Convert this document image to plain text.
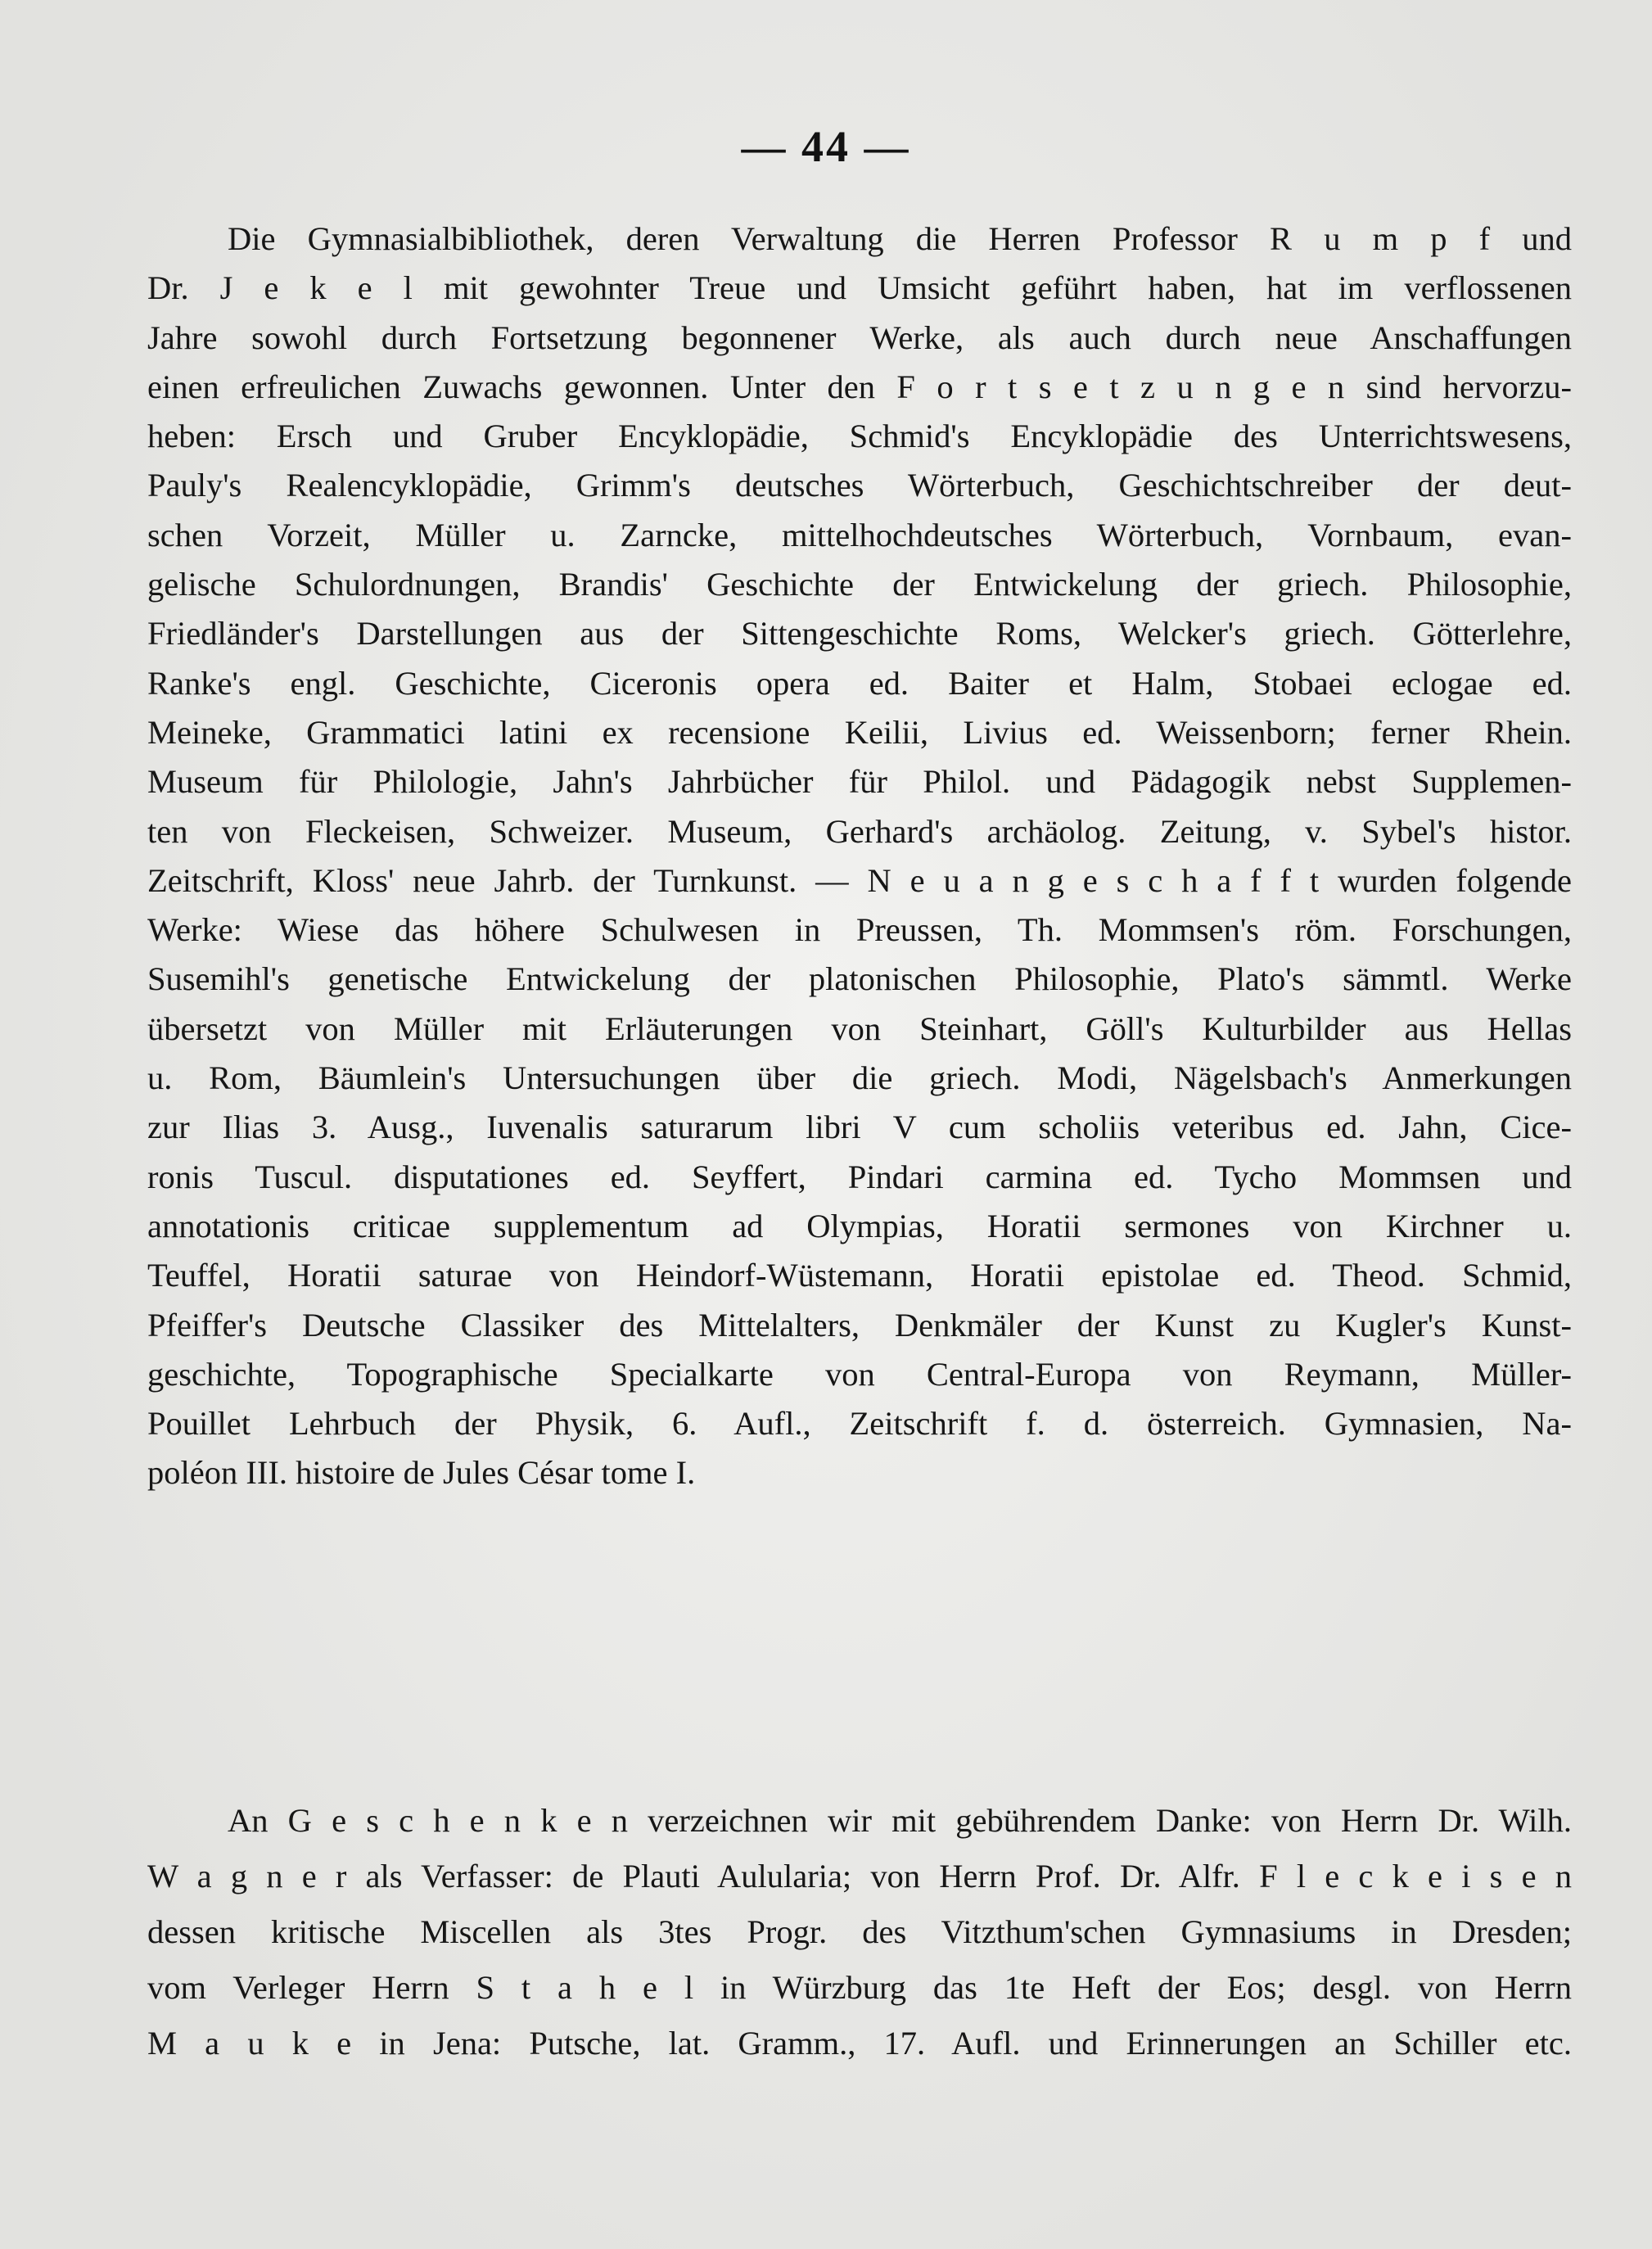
— 44 —
Die Gymnasialbibliothek, deren Verwaltung die Herren Professor R u m p f und
Dr. J e k e l mit gewohnter Treue und Umsicht geführt haben, hat im verflossenen
Jahre sowohl durch Fortsetzung begonnener Werke, als auch durch neue Anschaffungen
einen erfreulichen Zuwachs gewonnen. Unter den F o r t s e t z u n g e n sind hervorzu-
heben: Ersch und Gruber Encyklopädie, Schmid's Encyklopädie des Unterrichtswesens,
Pauly's Realencyklopädie, Grimm's deutsches Wörterbuch, Geschichtschreiber der deut-
schen Vorzeit, Müller u. Zarncke, mittelhochdeutsches Wörterbuch, Vornbaum, evan-
gelische Schulordnungen, Brandis' Geschichte der Entwickelung der griech. Philosophie,
Friedländer's Darstellungen aus der Sittengeschichte Roms, Welcker's griech. Götterlehre,
Ranke's engl. Geschichte, Ciceronis opera ed. Baiter et Halm, Stobaei eclogae ed.
Meineke, Grammatici latini ex recensione Keilii, Livius ed. Weissenborn; ferner Rhein.
Museum für Philologie, Jahn's Jahrbücher für Philol. und Pädagogik nebst Supplemen-
ten von Fleckeisen, Schweizer. Museum, Gerhard's archäolog. Zeitung, v. Sybel's histor.
Zeitschrift, Kloss' neue Jahrb. der Turnkunst. — N e u a n g e s c h a f f t wurden folgende
Werke: Wiese das höhere Schulwesen in Preussen, Th. Mommsen's röm. Forschungen,
Susemihl's genetische Entwickelung der platonischen Philosophie, Plato's sämmtl. Werke
übersetzt von Müller mit Erläuterungen von Steinhart, Göll's Kulturbilder aus Hellas
u. Rom, Bäumlein's Untersuchungen über die griech. Modi, Nägelsbach's Anmerkungen
zur Ilias 3. Ausg., Iuvenalis saturarum libri V cum scholiis veteribus ed. Jahn, Cice-
ronis Tuscul. disputationes ed. Seyffert, Pindari carmina ed. Tycho Mommsen und
annotationis criticae supplementum ad Olympias, Horatii sermones von Kirchner u.
Teuffel, Horatii saturae von Heindorf-Wüstemann, Horatii epistolae ed. Theod. Schmid,
Pfeiffer's Deutsche Classiker des Mittelalters, Denkmäler der Kunst zu Kugler's Kunst-
geschichte, Topographische Specialkarte von Central-Europa von Reymann, Müller-
Pouillet Lehrbuch der Physik, 6. Aufl., Zeitschrift f. d. österreich. Gymnasien, Na-
poléon III. histoire de Jules César tome I.
An G e s c h e n k e n verzeichnen wir mit gebührendem Danke: von Herrn Dr. Wilh.
W a g n e r als Verfasser: de Plauti Aulularia; von Herrn Prof. Dr. Alfr. F l e c k e i s e n
dessen kritische Miscellen als 3tes Progr. des Vitzthum'schen Gymnasiums in Dresden;
vom Verleger Herrn S t a h e l in Würzburg das 1te Heft der Eos; desgl. von Herrn
M a u k e in Jena: Putsche, lat. Gramm., 17. Aufl. und Erinnerungen an Schiller etc.
